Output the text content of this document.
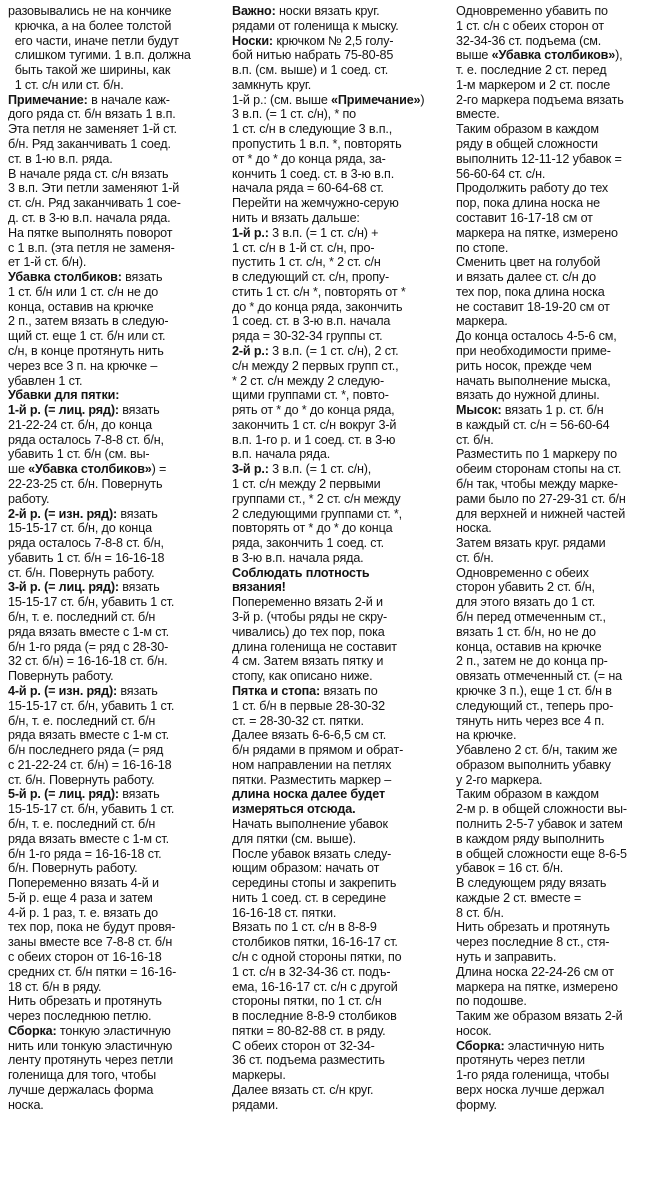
разовывались не на кончике
крючка, а на более толстой
его части, иначе петли будут
слишком тугими. 1 в.п. должна
быть такой же ширины, как
1 ст. с/н или ст. б/н.
Примечание: в начале каж-
дого ряда ст. б/н вязать 1 в.п.
Эта петля не заменяет 1-й ст.
б/н. Ряд заканчивать 1 соед.
ст. в 1-ю в.п. ряда.
В начале ряда ст. с/н вязать
3 в.п. Эти петли заменяют 1-й
ст. с/н. Ряд заканчивать 1 сое-
д. ст. в 3-ю в.п. начала ряда.
На пятке выполнять поворот
с 1 в.п. (эта петля не заменя-
ет 1-й ст. б/н).
Убавка столбиков: вязать
1 ст. б/н или 1 ст. с/н не до
конца, оставив на крючке
2 п., затем вязать в следую-
щий ст. еще 1 ст. б/н или ст.
с/н, в конце протянуть нить
через все 3 п. на крючке –
убавлен 1 ст.
Убавки для пятки:
1-й р. (= лиц. ряд): вязать
21-22-24 ст. б/н, до конца
ряда осталось 7-8-8 ст. б/н,
убавить 1 ст. б/н (см. вы-
ше «Убавка столбиков») =
22-23-25 ст. б/н. Повернуть
работу.
2-й р. (= изн. ряд): вязать
15-15-17 ст. б/н, до конца
ряда осталось 7-8-8 ст. б/н,
убавить 1 ст. б/н = 16-16-18
ст. б/н. Повернуть работу.
3-й р. (= лиц. ряд): вязать
15-15-17 ст. б/н, убавить 1 ст.
б/н, т. е. последний ст. б/н
ряда вязать вместе с 1-м ст.
б/н 1-го ряда (= ряд с 28-30-
32 ст. б/н) = 16-16-18 ст. б/н.
Повернуть работу.
4-й р. (= изн. ряд): вязать
15-15-17 ст. б/н, убавить 1 ст.
б/н, т. е. последний ст. б/н
ряда вязать вместе с 1-м ст.
б/н последнего ряда (= ряд
с 21-22-24 ст. б/н) = 16-16-18
ст. б/н. Повернуть работу.
5-й р. (= лиц. ряд): вязать
15-15-17 ст. б/н, убавить 1 ст.
б/н, т. е. последний ст. б/н
ряда вязать вместе с 1-м ст.
б/н 1-го ряда = 16-16-18 ст.
б/н. Повернуть работу.
Попеременно вязать 4-й и
5-й р. еще 4 раза и затем
4-й р. 1 раз, т. е. вязать до
тех пор, пока не будут провя-
заны вместе все 7-8-8 ст. б/н
с обеих сторон от 16-16-18
средних ст. б/н пятки = 16-16-
18 ст. б/н в ряду.
Нить обрезать и протянуть
через последнюю петлю.
Сборка: тонкую эластичную
нить или тонкую эластичную
ленту протянуть через петли
голенища для того, чтобы
лучше держалась форма
носка.
Важно: носки вязать круг.
рядами от голенища к мыску.
Носки: крючком № 2,5 голу-
бой нитью набрать 75-80-85
в.п. (см. выше) и 1 соед. ст.
замкнуть круг.
1-й р.: (см. выше «Примечание»)
3 в.п. (= 1 ст. с/н), * по
1 ст. с/н в следующие 3 в.п.,
пропустить 1 в.п. *, повторять
от * до * до конца ряда, за-
кончить 1 соед. ст. в 3-ю в.п.
начала ряда = 60-64-68 ст.
Перейти на жемчужно-серую
нить и вязать дальше:
1-й р.: 3 в.п. (= 1 ст. с/н) +
1 ст. с/н в 1-й ст. с/н, про-
пустить 1 ст. с/н, * 2 ст. с/н
в следующий ст. с/н, пропу-
стить 1 ст. с/н *, повторять от *
до * до конца ряда, закончить
1 соед. ст. в 3-ю в.п. начала
ряда = 30-32-34 группы ст.
2-й р.: 3 в.п. (= 1 ст. с/н), 2 ст.
с/н между 2 первых групп ст.,
* 2 ст. с/н между 2 следую-
щими группами ст. *, повто-
рять от * до * до конца ряда,
закончить 1 ст. с/н вокруг 3-й
в.п. 1-го р. и 1 соед. ст. в 3-ю
в.п. начала ряда.
3-й р.: 3 в.п. (= 1 ст. с/н),
1 ст. с/н между 2 первыми
группами ст., * 2 ст. с/н между
2 следующими группами ст. *,
повторять от * до * до конца
ряда, закончить 1 соед. ст.
в 3-ю в.п. начала ряда.
Соблюдать плотность
вязания!
Попеременно вязать 2-й и
3-й р. (чтобы ряды не скру-
чивались) до тех пор, пока
длина голенища не составит
4 см. Затем вязать пятку и
стопу, как описано ниже.
Пятка и стопа: вязать по
1 ст. б/н в первые 28-30-32
ст. = 28-30-32 ст. пятки.
Далее вязать 6-6-6,5 см ст.
б/н рядами в прямом и обрат-
ном направлении на петлях
пятки. Разместить маркер –
длина носка далее будет
измеряться отсюда.
Начать выполнение убавок
для пятки (см. выше).
После убавок вязать следу-
ющим образом: начать от
середины стопы и закрепить
нить 1 соед. ст. в середине
16-16-18 ст. пятки.
Вязать по 1 ст. с/н в 8-8-9
столбиков пятки, 16-16-17 ст.
с/н с одной стороны пятки, по
1 ст. с/н в 32-34-36 ст. подъ-
ема, 16-16-17 ст. с/н с другой
стороны пятки, по 1 ст. с/н
в последние 8-8-9 столбиков
пятки = 80-82-88 ст. в ряду.
С обеих сторон от 32-34-
36 ст. подъема разместить
маркеры.
Далее вязать ст. с/н круг.
рядами.
Одновременно убавить по
1 ст. с/н с обеих сторон от
32-34-36 ст. подъема (см.
выше «Убавка столбиков»),
т. е. последние 2 ст. перед
1-м маркером и 2 ст. после
2-го маркера подъема вязать
вместе.
Таким образом в каждом
ряду в общей сложности
выполнить 12-11-12 убавок =
56-60-64 ст. с/н.
Продолжить работу до тех
пор, пока длина носка не
составит 16-17-18 см от
маркера на пятке, измерено
по стопе.
Сменить цвет на голубой
и вязать далее ст. с/н до
тех пор, пока длина носка
не составит 18-19-20 см от
маркера.
До конца осталось 4-5-6 см,
при необходимости приме-
рить носок, прежде чем
начать выполнение мыска,
вязать до нужной длины.
Мысок: вязать 1 р. ст. б/н
в каждый ст. с/н = 56-60-64
ст. б/н.
Разместить по 1 маркеру по
обеим сторонам стопы на ст.
б/н так, чтобы между марке-
рами было по 27-29-31 ст. б/н
для верхней и нижней частей
носка.
Затем вязать круг. рядами
ст. б/н.
Одновременно с обеих
сторон убавить 2 ст. б/н,
для этого вязать до 1 ст.
б/н перед отмеченным ст.,
вязать 1 ст. б/н, но не до
конца, оставив на крючке
2 п., затем не до конца пр-
овязать отмеченный ст. (= на
крючке 3 п.), еще 1 ст. б/н в
следующий ст., теперь про-
тянуть нить через все 4 п.
на крючке.
Убавлено 2 ст. б/н, таким же
образом выполнить убавку
у 2-го маркера.
Таким образом в каждом
2-м р. в общей сложности вы-
полнить 2-5-7 убавок и затем
в каждом ряду выполнить
в общей сложности еще 8-6-5
убавок = 16 ст. б/н.
В следующем ряду вязать
каждые 2 ст. вместе =
8 ст. б/н.
Нить обрезать и протянуть
через последние 8 ст., стя-
нуть и заправить.
Длина носка 22-24-26 см от
маркера на пятке, измерено
по подошве.
Таким же образом вязать 2-й
носок.
Сборка: эластичную нить
протянуть через петли
1-го ряда голенища, чтобы
верх носка лучше держал
форму.
